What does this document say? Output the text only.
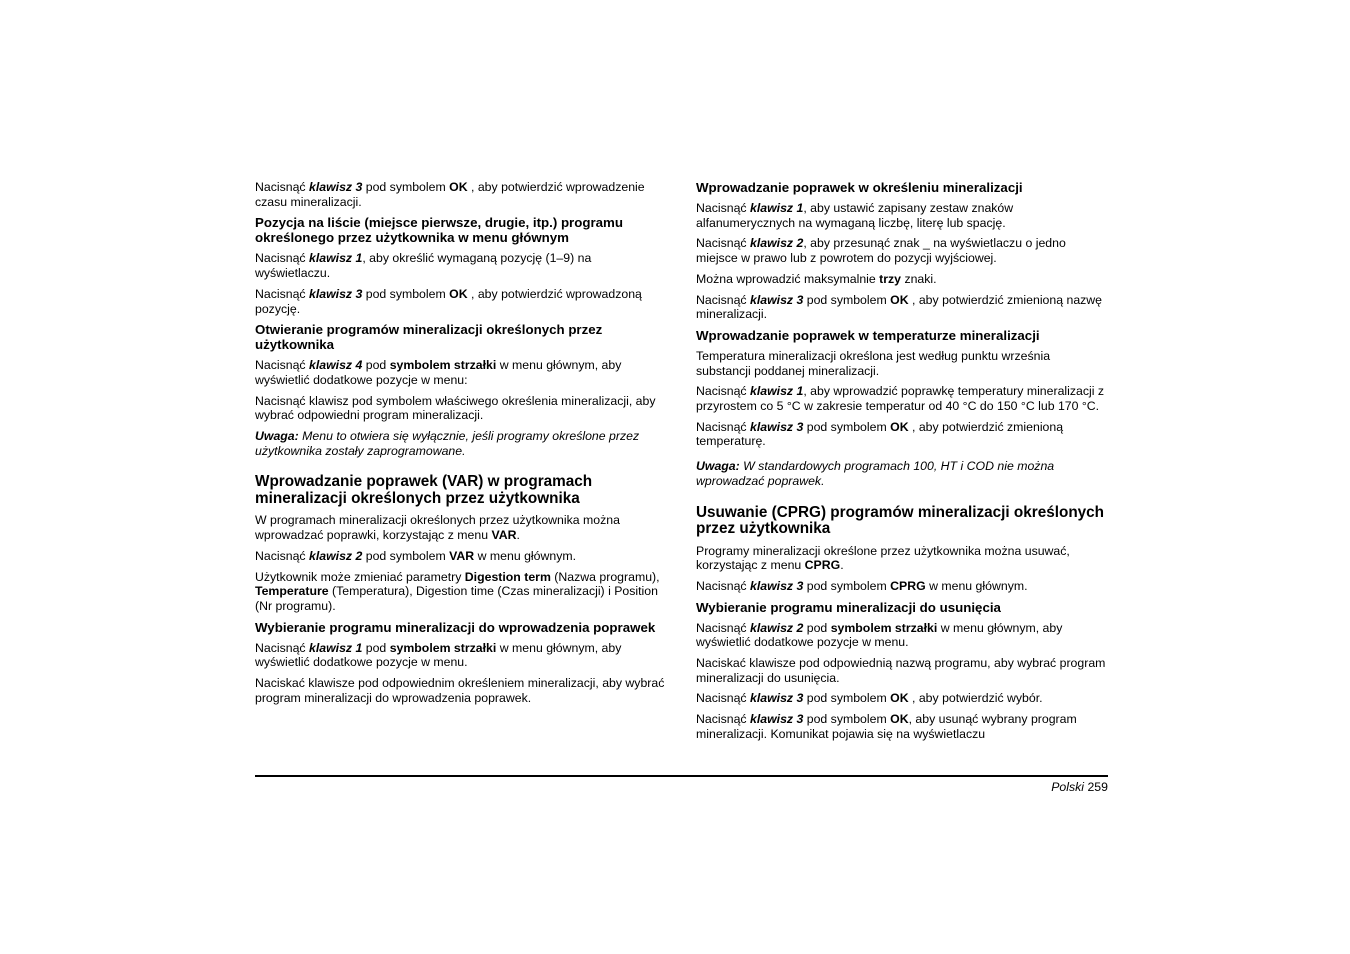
Nacisnąć klawisz 3 pod symbolem OK , aby potwierdzić wprowadzenie czasu mineralizacji.

Pozycja na liście (miejsce pierwsze, drugie, itp.) programu określonego przez użytkownika w menu głównym

Nacisnąć klawisz 1, aby określić wymaganą pozycję (1–9) na wyświetlaczu.

Nacisnąć klawisz 3 pod symbolem OK , aby potwierdzić wprowadzoną pozycję.

Otwieranie programów mineralizacji określonych przez użytkownika

Nacisnąć klawisz 4 pod symbolem strzałki w menu głównym, aby wyświetlić dodatkowe pozycje w menu:

Nacisnąć klawisz pod symbolem właściwego określenia mineralizacji, aby wybrać odpowiedni program mineralizacji.

Uwaga: Menu to otwiera się wyłącznie, jeśli programy określone przez użytkownika zostały zaprogramowane.

Wprowadzanie poprawek (VAR) w programach mineralizacji określonych przez użytkownika

W programach mineralizacji określonych przez użytkownika można wprowadzać poprawki, korzystając z menu VAR.

Nacisnąć klawisz 2 pod symbolem VAR w menu głównym.

Użytkownik może zmieniać parametry Digestion term (Nazwa programu), Temperature (Temperatura), Digestion time (Czas mineralizacji) i Position (Nr programu).

Wybieranie programu mineralizacji do wprowadzenia poprawek

Nacisnąć klawisz 1 pod symbolem strzałki w menu głównym, aby wyświetlić dodatkowe pozycje w menu.

Naciskać klawisze pod odpowiednim określeniem mineralizacji, aby wybrać program mineralizacji do wprowadzenia poprawek.

Wprowadzanie poprawek w określeniu mineralizacji

Nacisnąć klawisz 1, aby ustawić zapisany zestaw znaków alfanumerycznych na wymaganą liczbę, literę lub spację.

Nacisnąć klawisz 2, aby przesunąć znak _ na wyświetlaczu o jedno miejsce w prawo lub z powrotem do pozycji wyjściowej.

Można wprowadzić maksymalnie trzy znaki.

Nacisnąć klawisz 3 pod symbolem OK , aby potwierdzić zmienioną nazwę mineralizacji.

Wprowadzanie poprawek w temperaturze mineralizacji

Temperatura mineralizacji określona jest według punktu września substancji poddanej mineralizacji.

Nacisnąć klawisz 1, aby wprowadzić poprawkę temperatury mineralizacji z przyrostem co 5 °C w zakresie temperatur od 40 °C do 150 °C lub 170 °C.

Nacisnąć klawisz 3 pod symbolem OK , aby potwierdzić zmienioną temperaturę.

Uwaga: W standardowych programach 100, HT i COD nie można wprowadzać poprawek.

Usuwanie (CPRG) programów mineralizacji określonych przez użytkownika

Programy mineralizacji określone przez użytkownika można usuwać, korzystając z menu CPRG.

Nacisnąć klawisz 3 pod symbolem CPRG w menu głównym.

Wybieranie programu mineralizacji do usunięcia

Nacisnąć klawisz 2 pod symbolem strzałki w menu głównym, aby wyświetlić dodatkowe pozycje w menu.

Naciskać klawisze pod odpowiednią nazwą programu, aby wybrać program mineralizacji do usunięcia.

Nacisnąć klawisz 3 pod symbolem OK , aby potwierdzić wybór.

Nacisnąć klawisz 3 pod symbolem OK, aby usunąć wybrany program mineralizacji. Komunikat pojawia się na wyświetlaczu

Polski 259
